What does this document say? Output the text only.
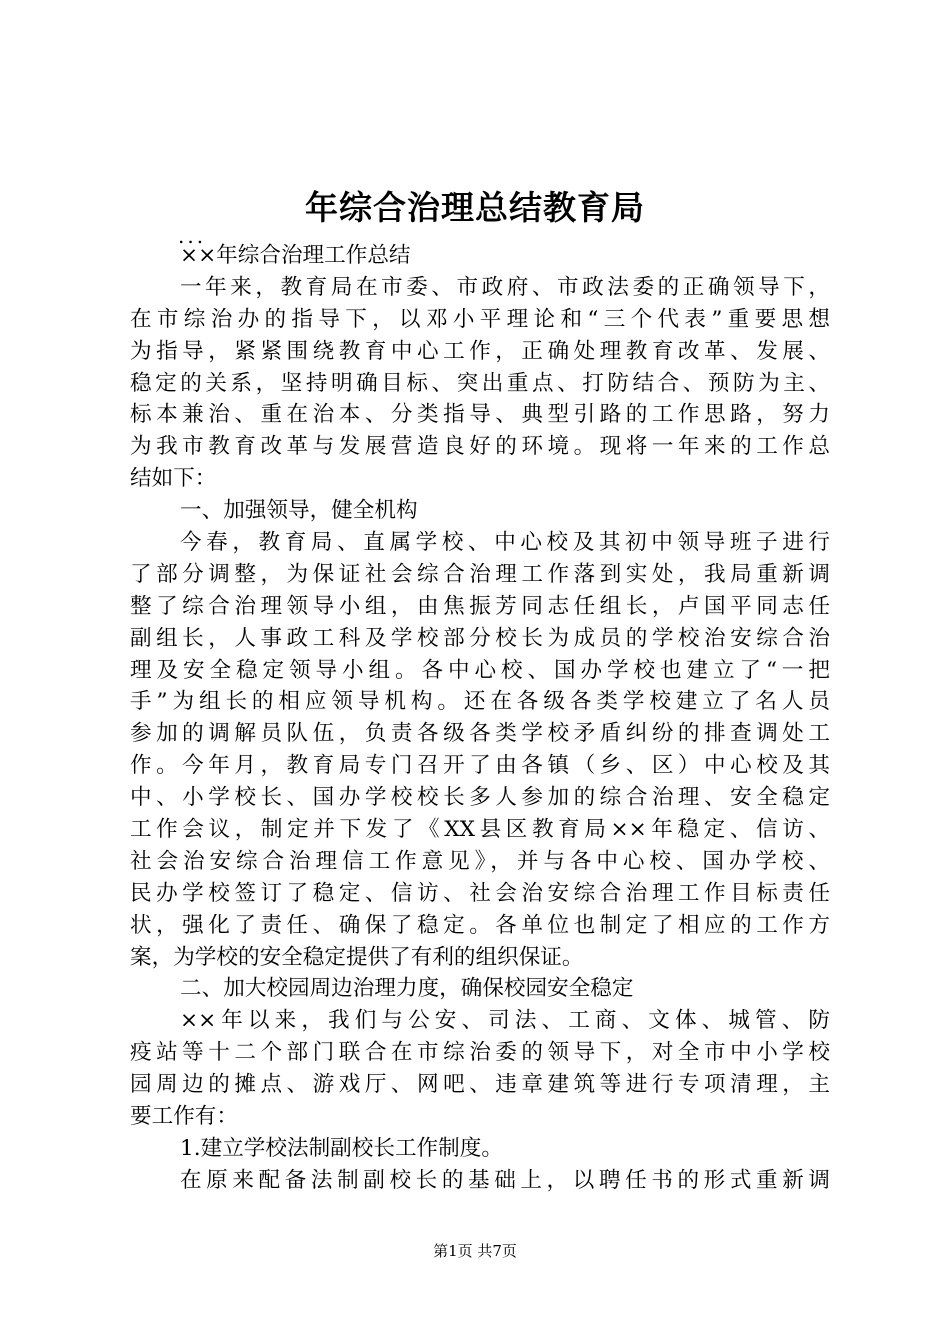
年综合治理总结教育局
...
××年综合治理工作总结
一年来，教育局在市委、市政府、市政法委的正确领导下，
在市综治办的指导下，以邓小平理论和“三个代表”重要思想
为指导，紧紧围绕教育中心工作，正确处理教育改革、发展、
稳定的关系，坚持明确目标、突出重点、打防结合、预防为主、
标本兼治、重在治本、分类指导、典型引路的工作思路，努力
为我市教育改革与发展营造良好的环境。现将一年来的工作总
结如下：
一、加强领导，健全机构
今春，教育局、直属学校、中心校及其初中领导班子进行
了部分调整，为保证社会综合治理工作落到实处，我局重新调
整了综合治理领导小组，由焦振芳同志任组长，卢国平同志任
副组长，人事政工科及学校部分校长为成员的学校治安综合治
理及安全稳定领导小组。各中心校、国办学校也建立了“一把
手”为组长的相应领导机构。还在各级各类学校建立了名人员
参加的调解员队伍，负责各级各类学校矛盾纠纷的排查调处工
作。今年月，教育局专门召开了由各镇（乡、区）中心校及其
中、小学校长、国办学校校长多人参加的综合治理、安全稳定
工作会议，制定并下发了《XX县区教育局××年稳定、信访、
社会治安综合治理信工作意见》，并与各中心校、国办学校、
民办学校签订了稳定、信访、社会治安综合治理工作目标责任
状，强化了责任、确保了稳定。各单位也制定了相应的工作方
案，为学校的安全稳定提供了有利的组织保证。
二、加大校园周边治理力度，确保校园安全稳定
××年以来，我们与公安、司法、工商、文体、城管、防
疫站等十二个部门联合在市综治委的领导下，对全市中小学校
园周边的摊点、游戏厅、网吧、违章建筑等进行专项清理，主
要工作有：
1.建立学校法制副校长工作制度。
在原来配备法制副校长的基础上，以聘任书的形式重新调
第1页 共7页
